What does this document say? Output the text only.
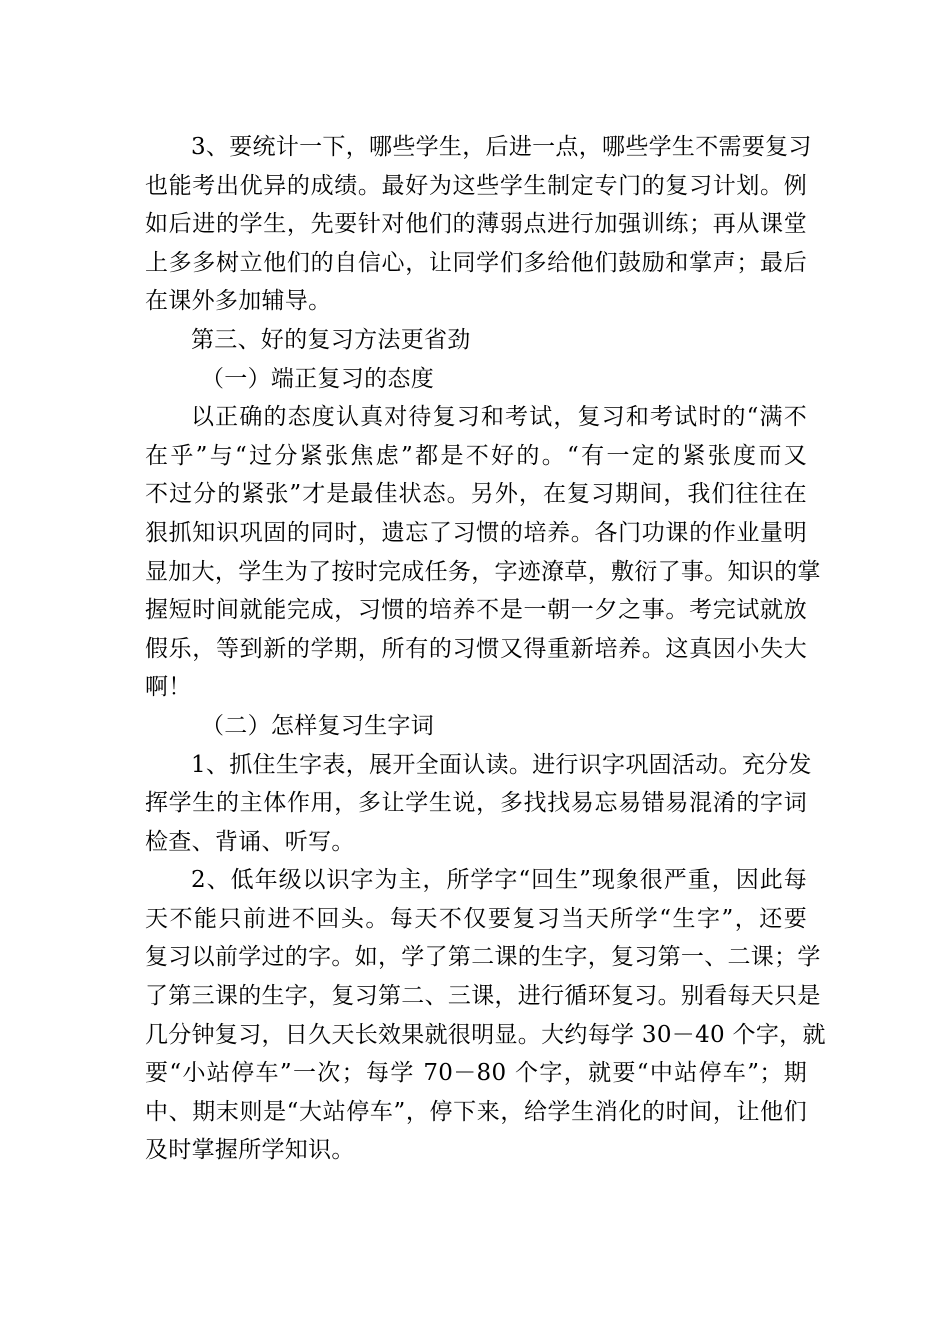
3、要统计一下，哪些学生，后进一点，哪些学生不需要复习
也能考出优异的成绩。最好为这些学生制定专门的复习计划。例
如后进的学生，先要针对他们的薄弱点进行加强训练；再从课堂
上多多树立他们的自信心，让同学们多给他们鼓励和掌声；最后
在课外多加辅导。
第三、好的复习方法更省劲
（一）端正复习的态度
以正确的态度认真对待复习和考试，复习和考试时的“满不
在乎”与“过分紧张焦虑”都是不好的。“有一定的紧张度而又
不过分的紧张”才是最佳状态。另外，在复习期间，我们往往在
狠抓知识巩固的同时，遗忘了习惯的培养。各门功课的作业量明
显加大，学生为了按时完成任务，字迹潦草，敷衍了事。知识的掌
握短时间就能完成，习惯的培养不是一朝一夕之事。考完试就放
假乐，等到新的学期，所有的习惯又得重新培养。这真因小失大
啊！
（二）怎样复习生字词
1、抓住生字表，展开全面认读。进行识字巩固活动。充分发
挥学生的主体作用，多让学生说，多找找易忘易错易混淆的字词
检查、背诵、听写。
2、低年级以识字为主，所学字“回生”现象很严重，因此每
天不能只前进不回头。每天不仅要复习当天所学“生字”，还要
复习以前学过的字。如，学了第二课的生字，复习第一、二课；学
了第三课的生字，复习第二、三课，进行循环复习。别看每天只是
几分钟复习，日久天长效果就很明显。大约每学 30－40 个字，就
要“小站停车”一次；每学 70－80 个字，就要“中站停车”；期
中、期末则是“大站停车”，停下来，给学生消化的时间，让他们
及时掌握所学知识。
